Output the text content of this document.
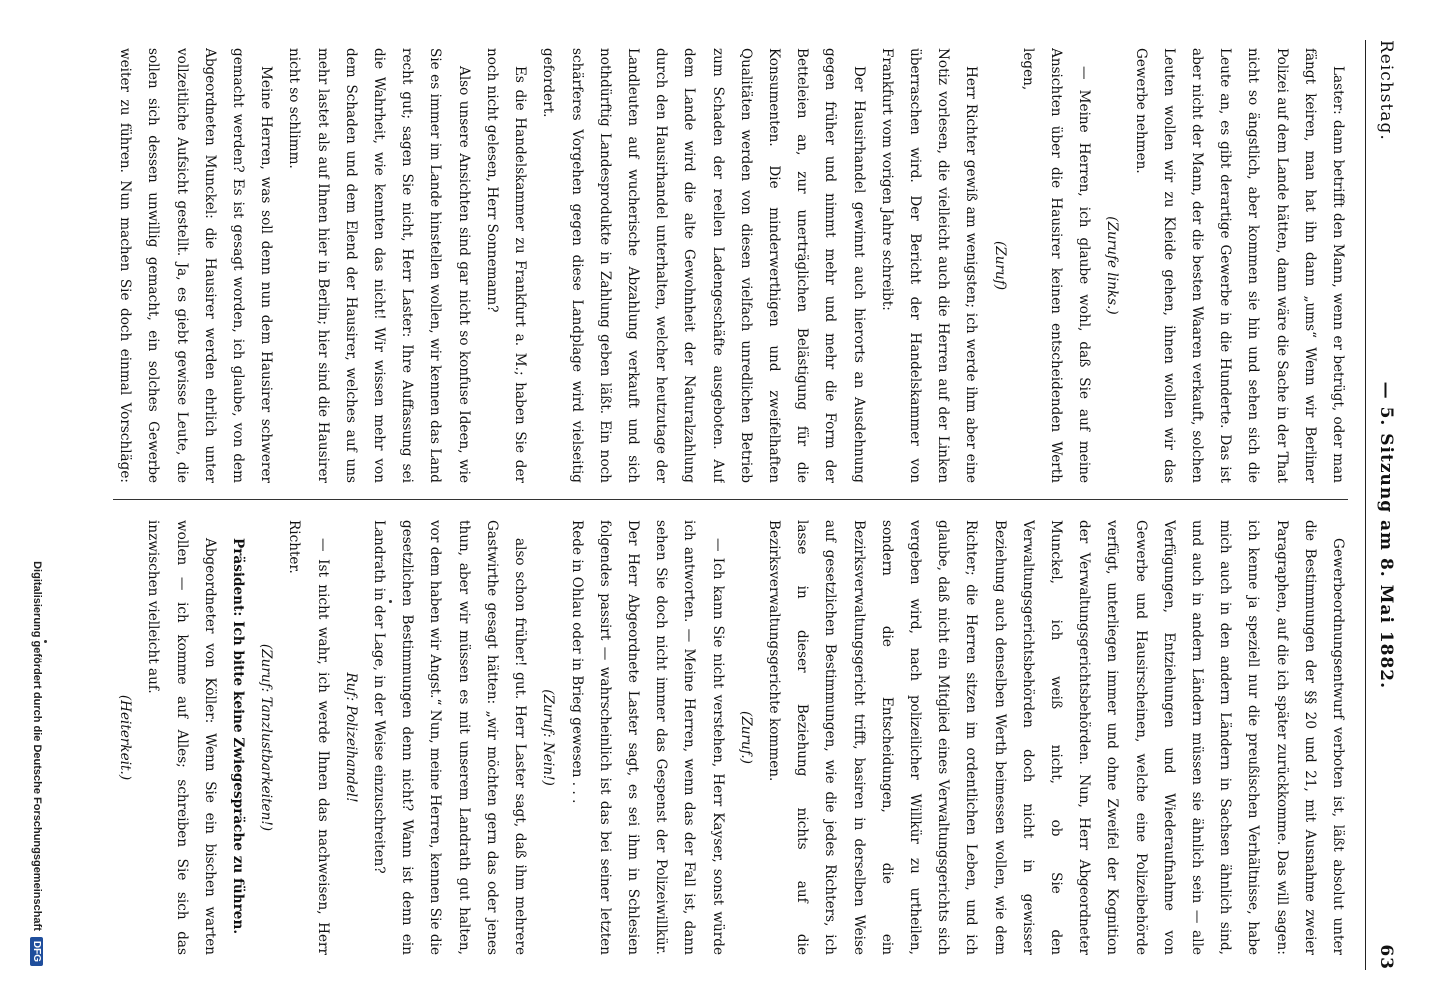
Reichstag.
— 5. Sitzung am 8. Mai 1882.
63

Laster: dann betrifft den Mann, wenn er betrügt, oder man fängt keiren, man hat ihn dann „ums“ Wenn wir Berliner Polizei auf dem Lande hätten, dann wäre die Sache in der That nicht so ängstlich, aber kommen sie hin und sehen sich die Leute an, es gibt derartige Gewerbe in die Hunderte. Das ist aber nicht der Mann, der die besten Waaren verkauft, solchen Leuten wollen wir zu Kleide gehen, ihnen wollen wir das Gewerbe nehmen.

(Zurufe links.)

— Meine Herren, ich glaube wohl, daß Sie auf meine Ansichten über die Hausirer keinen entscheidenden Werth legen,

(Zuruf)

Herr Richter gewiß am wenigsten; ich werde ihm aber eine Notiz vorlesen, die vielleicht auch die Herren auf der Linken überraschen wird. Der Bericht der Handelskammer von Frankfurt vom vorigen Jahre schreibt:

Der Hausirhandel gewinnt auch hierorts an Ausdehnung gegen früher und nimmt mehr und mehr die Form der Betteleien an, zur unerträglichen Belästigung für die Konsumenten. Die minderwerthigen und zweifelhaften Qualitäten werden von diesen vielfach unredlichen Betrieb zum Schaden der reellen Ladengeschäfte ausgeboten. Auf dem Lande wird die alte Gewohnheit der Naturalzahlung durch den Hausirhandel unterhalten, welcher heutzutage der Landleuten auf wucherische Abzahlung verkauft und sich nothdürftig Landesprodukte in Zahlung geben läßt. Ein noch schärferes Vorgehen gegen diese Landplage wird vielseitig gefordert.

Es die Handelskammer zu Frankfurt a. M.; haben Sie der noch nicht gelesen, Herr Sonnemann?

Also unsere Ansichten sind gar nicht so konfuse Ideen, wie Sie es immer im Lande hinstellen wollen, wir kennen das Land recht gut; sagen Sie nicht, Herr Laster: Ihre Auffassung sei die Wahrheit, wie kennten das nicht! Wir wissen mehr von dem Schaden und dem Elend der Hausirer, welches auf uns mehr lastet als auf Ihnen hier in Berlin; hier sind die Hausirer nicht so schlimm.

Meine Herren, was soll denn nun dem Hausirer schwerer gemacht werden? Es ist gesagt worden, ich glaube, von dem Abgeordneten Munckel: die Hausirer werden ehrlich unter vollzeitliche Aufsicht gestellt. Ja, es giebt gewisse Leute, die sollen sich dessen unwillig gemacht, ein solches Gewerbe weiter zu führen. Nun machen Sie doch einmal Vorschläge:

Gewerbeordnungsentwurf verboten ist, läßt absolut unter die Bestimmungen der §§ 20 und 21, mit Ausnahme zweier Paragraphen, auf die ich später zurückkomme. Das will sagen: ich kenne ja speziell nur die preußischen Verhältnisse, habe mich auch in den andern Ländern in Sachsen ähnlich sind, und auch in andern Ländern müssen sie ähnlich sein — alle Verfügungen, Entziehungen und Wiederaufnahme von Gewerbe und Hausirscheinen, welche eine Polizeibehörde verfügt, unterliegen immer und ohne Zweifel der Kognition der Verwaltungsgerichtsbehörden. Nun, Herr Abgeordneter Munckel, ich weiß nicht, ob Sie den Verwaltungsgerichtsbehörden doch nicht in gewisser Beziehung auch denselben Werth beimessen wollen, wie dem Richter; die Herren sitzen im ordentlichen Leben, und ich glaube, daß nicht ein Mitglied eines Verwaltungsgerichts sich vergeben wird, nach polizeilicher Willkür zu urtheilen, sondern die Entscheidungen, die ein Bezirksverwaltungsgericht trifft, basiren in derselben Weise auf gesetzlichen Bestimmungen, wie die jedes Richters, ich lasse in dieser Beziehung nichts auf die Bezirksverwaltungsgerichte kommen.

(Zuruf.)

— Ich kann Sie nicht verstehen, Herr Kayser, sonst würde ich antworten. — Meine Herren, wenn das der Fall ist, dann sehen Sie doch nicht immer das Gespenst der Polizeiwillkür. Der Herr Abgeordnete Laster sagt, es sei ihm in Schlesien folgendes passirt — wahrscheinlich ist das bei seiner letzten Rede in Ohlau oder in Brieg gewesen . . .

(Zuruf: Nein!)

also schon früher! gut. Herr Laster sagt, daß ihm mehrere Gastwirthe gesagt hätten: „wir möchten gern das oder jenes thun, aber wir müssen es mit unserem Landrath gut halten, vor dem haben wir Angst.“ Nun, meine Herren, kennen Sie die gesetzlichen Bestimmungen denn nicht? Wann ist denn ein Landrath in der Lage, in der Weise einzuschreiten?

Ruf: Polizeihandel!

— Ist nicht wahr, ich werde Ihnen das nachweisen, Herr Richter.

(Zuruf: Tanzlustbarkeiten!)

Präsident: Ich bitte keine Zwiegespräche zu führen.

Abgeordneter von Köller: Wenn Sie ein bischen warten wollen — ich komme auf Alles; schreiben Sie sich das inzwischen vielleicht auf.

(Heiterkeit.)

Digitalisierung gefördert durch die Deutsche Forschungsgemeinschaft
DFG
